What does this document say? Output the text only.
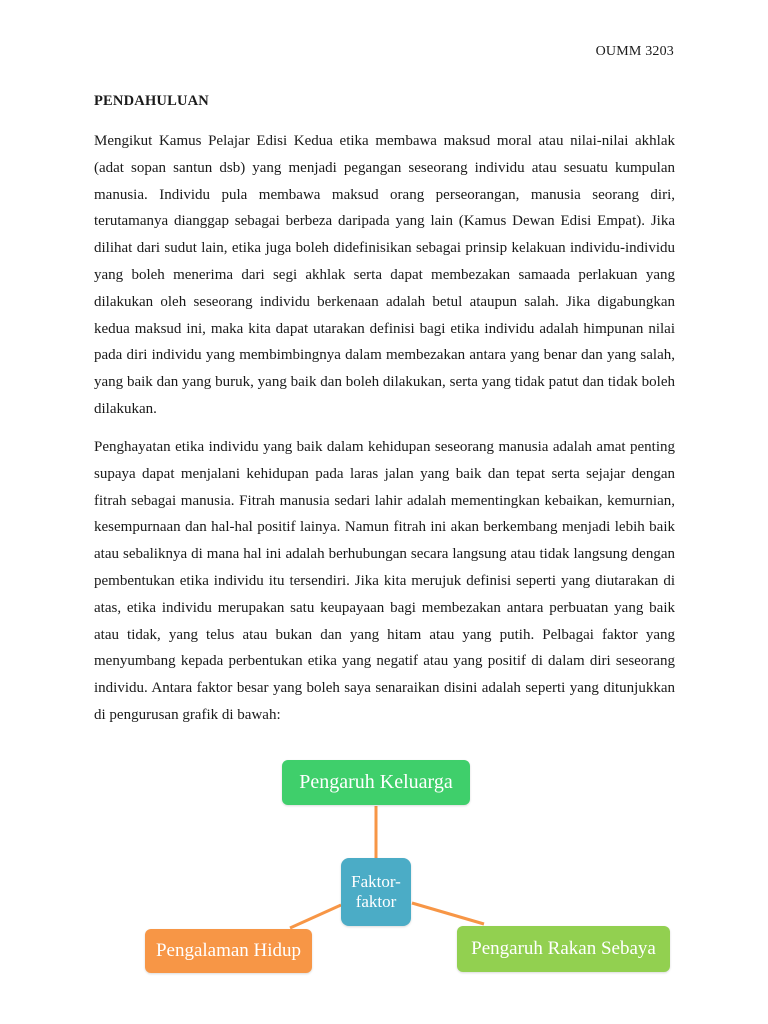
OUMM 3203
PENDAHULUAN

Mengikut Kamus Pelajar Edisi Kedua etika membawa maksud moral atau nilai-nilai akhlak (adat sopan santun dsb) yang menjadi pegangan seseorang individu atau sesuatu kumpulan manusia. Individu pula membawa maksud orang perseorangan, manusia seorang diri, terutamanya dianggap sebagai berbeza daripada yang lain (Kamus Dewan Edisi Empat). Jika dilihat dari sudut lain, etika juga boleh didefinisikan sebagai prinsip kelakuan individu-individu yang boleh menerima dari segi akhlak serta dapat membezakan samaada perlakuan yang dilakukan oleh seseorang individu berkenaan adalah betul ataupun salah. Jika digabungkan kedua maksud ini, maka kita dapat utarakan definisi bagi etika individu adalah himpunan nilai pada diri individu yang membimbingnya dalam membezakan antara yang benar dan yang salah, yang baik dan yang buruk, yang baik dan boleh dilakukan, serta yang tidak patut dan tidak boleh dilakukan.

Penghayatan etika individu yang baik dalam kehidupan seseorang manusia adalah amat penting supaya dapat menjalani kehidupan pada laras jalan yang baik dan tepat serta sejajar dengan fitrah sebagai manusia. Fitrah manusia sedari lahir adalah mementingkan kebaikan, kemurnian, kesempurnaan dan hal-hal positif lainya. Namun fitrah ini akan berkembang menjadi lebih baik atau sebaliknya di mana hal ini adalah berhubungan secara langsung atau tidak langsung dengan pembentukan etika individu itu tersendiri. Jika kita merujuk definisi seperti yang diutarakan di atas, etika individu merupakan satu keupayaan bagi membezakan antara perbuatan yang baik atau tidak, yang telus atau bukan dan yang hitam atau yang putih. Pelbagai faktor yang menyumbang kepada perbentukan etika yang negatif atau yang positif di dalam diri seseorang individu. Antara faktor besar yang boleh saya senaraikan disini adalah seperti yang ditunjukkan di pengurusan grafik di bawah:

Pengaruh Keluarga
Faktor-
faktor
Pengalaman Hidup	Pengaruh Rakan Sebaya
